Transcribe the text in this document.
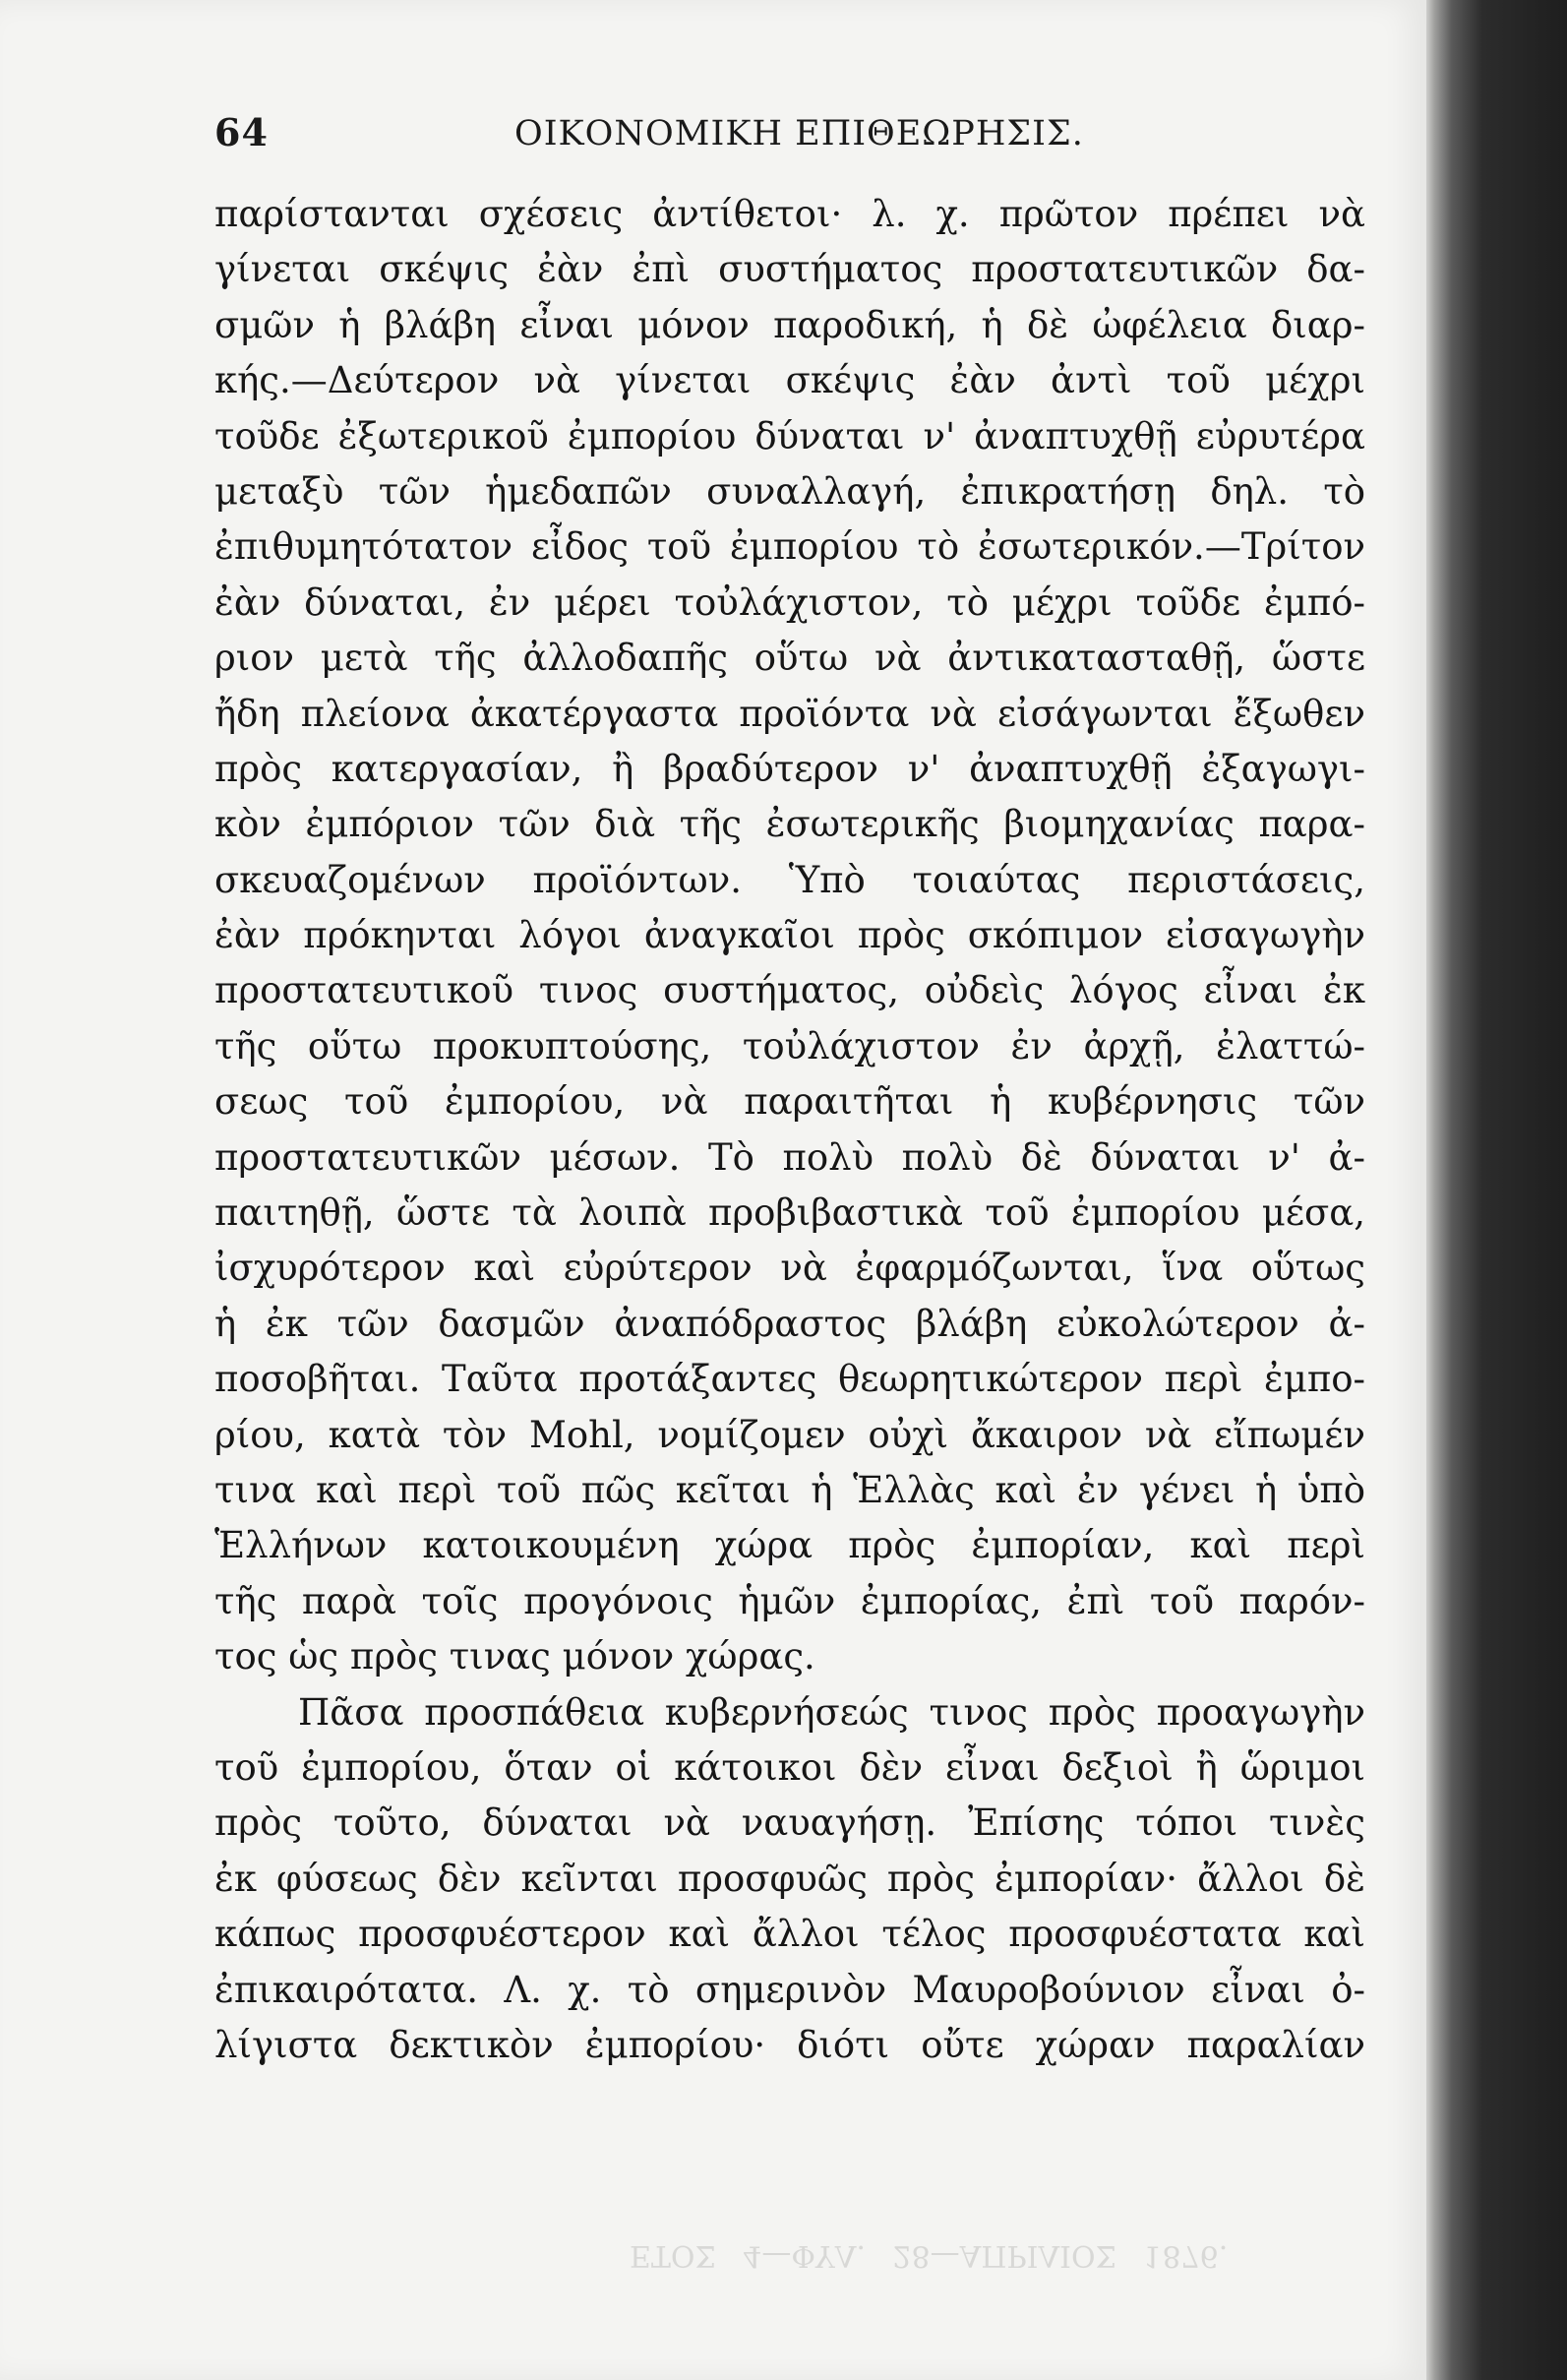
64	ΟΙΚΟΝΟΜΙΚΗ ΕΠΙΘΕΩΡΗΣΙΣ.
παρίστανται σχέσεις ἀντίθετοι· λ. χ. πρῶτον πρέπει νὰ
γίνεται σκέψις ἐὰν ἐπὶ συστήματος προστατευτικῶν δα-
σμῶν ἡ βλάβη εἶναι μόνον παροδική, ἡ δὲ ὠφέλεια διαρ-
κής.—Δεύτερον νὰ γίνεται σκέψις ἐὰν ἀντὶ τοῦ μέχρι
τοῦδε ἐξωτερικοῦ ἐμπορίου δύναται ν' ἀναπτυχθῇ εὐρυτέρα
μεταξὺ τῶν ἡμεδαπῶν συναλλαγή, ἐπικρατήσῃ δηλ. τὸ
ἐπιθυμητότατον εἶδος τοῦ ἐμπορίου τὸ ἐσωτερικόν.—Τρίτον
ἐὰν δύναται, ἐν μέρει τοὐλάχιστον, τὸ μέχρι τοῦδε ἐμπό-
ριον μετὰ τῆς ἀλλοδαπῆς οὕτω νὰ ἀντικατασταθῇ, ὥστε
ἤδη πλείονα ἀκατέργαστα προϊόντα νὰ εἰσάγωνται ἔξωθεν
πρὸς κατεργασίαν, ἢ βραδύτερον ν' ἀναπτυχθῇ ἐξαγωγι-
κὸν ἐμπόριον τῶν διὰ τῆς ἐσωτερικῆς βιομηχανίας παρα-
σκευαζομένων προϊόντων. Ὑπὸ τοιαύτας περιστάσεις,
ἐὰν πρόκηνται λόγοι ἀναγκαῖοι πρὸς σκόπιμον εἰσαγωγὴν
προστατευτικοῦ τινος συστήματος, οὐδεὶς λόγος εἶναι ἐκ
τῆς οὕτω προκυπτούσης, τοὐλάχιστον ἐν ἀρχῇ, ἐλαττώ-
σεως τοῦ ἐμπορίου, νὰ παραιτῆται ἡ κυβέρνησις τῶν
προστατευτικῶν μέσων. Τὸ πολὺ πολὺ δὲ δύναται ν' ἀ-
παιτηθῇ, ὥστε τὰ λοιπὰ προβιβαστικὰ τοῦ ἐμπορίου μέσα,
ἰσχυρότερον καὶ εὐρύτερον νὰ ἐφαρμόζωνται, ἵνα οὕτως
ἡ ἐκ τῶν δασμῶν ἀναπόδραστος βλάβη εὐκολώτερον ἀ-
ποσοβῆται. Ταῦτα προτάξαντες θεωρητικώτερον περὶ ἐμπο-
ρίου, κατὰ τὸν Mohl, νομίζομεν οὐχὶ ἄκαιρον νὰ εἴπωμέν
τινα καὶ περὶ τοῦ πῶς κεῖται ἡ Ἑλλὰς καὶ ἐν γένει ἡ ὑπὸ
Ἑλλήνων κατοικουμένη χώρα πρὸς ἐμπορίαν, καὶ περὶ
τῆς παρὰ τοῖς προγόνοις ἡμῶν ἐμπορίας, ἐπὶ τοῦ παρόν-
τος ὡς πρὸς τινας μόνον χώρας.
Πᾶσα προσπάθεια κυβερνήσεώς τινος πρὸς προαγωγὴν
τοῦ ἐμπορίου, ὅταν οἱ κάτοικοι δὲν εἶναι δεξιοὶ ἢ ὥριμοι
πρὸς τοῦτο, δύναται νὰ ναυαγήσῃ. Ἐπίσης τόποι τινὲς
ἐκ φύσεως δὲν κεῖνται προσφυῶς πρὸς ἐμπορίαν· ἄλλοι δὲ
κάπως προσφυέστερον καὶ ἄλλοι τέλος προσφυέστατα καὶ
ἐπικαιρότατα. Λ. χ. τὸ σημερινὸν Μαυροβούνιον εἶναι ὀ-
λίγιστα δεκτικὸν ἐμπορίου· διότι οὔτε χώραν παραλίαν
ΕΤΟΣ 4—ΦΥΛ. 28—ΑΠΡΙΛΙΟΣ 1876.
